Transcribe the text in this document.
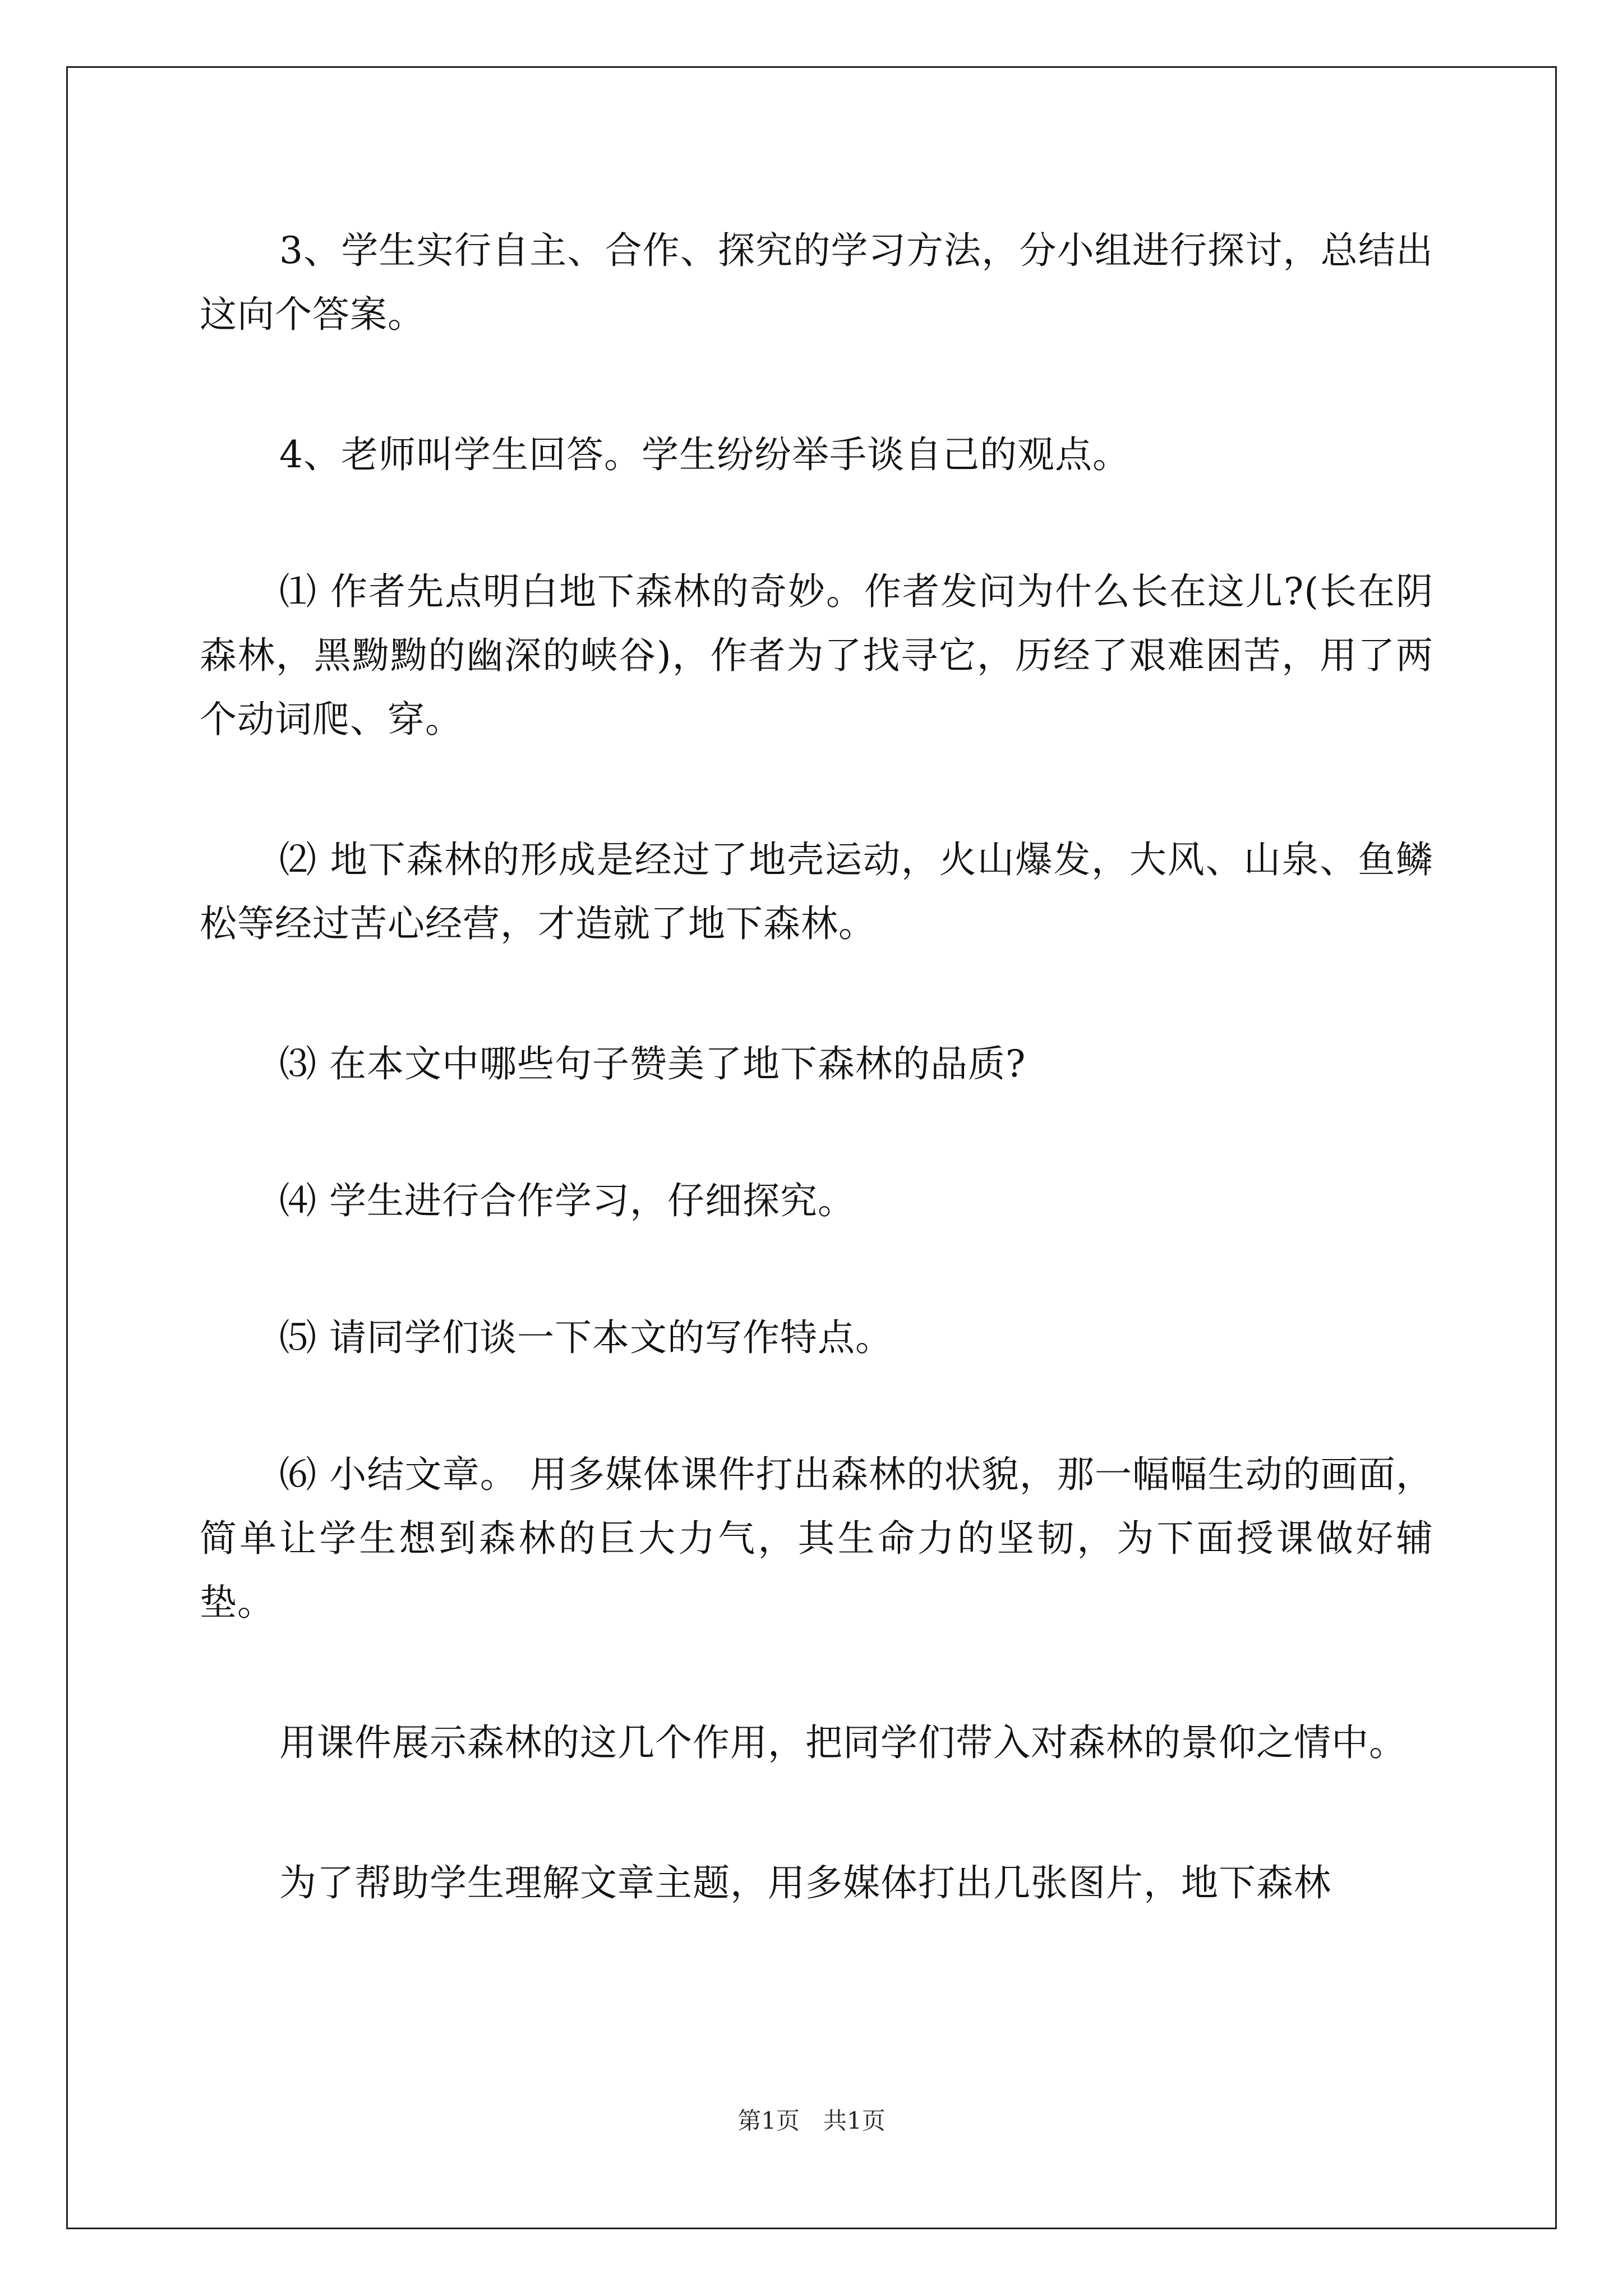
3、学生实行自主、合作、探究的学习方法，分小组进行探讨，总结出这向个答案。

4、老师叫学生回答。学生纷纷举手谈自己的观点。

⑴ 作者先点明白地下森林的奇妙。作者发问为什么长在这儿?(长在阴森林，黑黝黝的幽深的峡谷)，作者为了找寻它，历经了艰难困苦，用了两个动词爬、穿。

⑵ 地下森林的形成是经过了地壳运动，火山爆发，大风、山泉、鱼鳞松等经过苦心经营，才造就了地下森林。

⑶ 在本文中哪些句子赞美了地下森林的品质?

⑷ 学生进行合作学习，仔细探究。

⑸ 请同学们谈一下本文的写作特点。

⑹ 小结文章。 用多媒体课件打出森林的状貌，那一幅幅生动的画面，简单让学生想到森林的巨大力气，其生命力的坚韧，为下面授课做好辅垫。

用课件展示森林的这几个作用，把同学们带入对森林的景仰之情中。

为了帮助学生理解文章主题，用多媒体打出几张图片，地下森林

第1页 共1页
